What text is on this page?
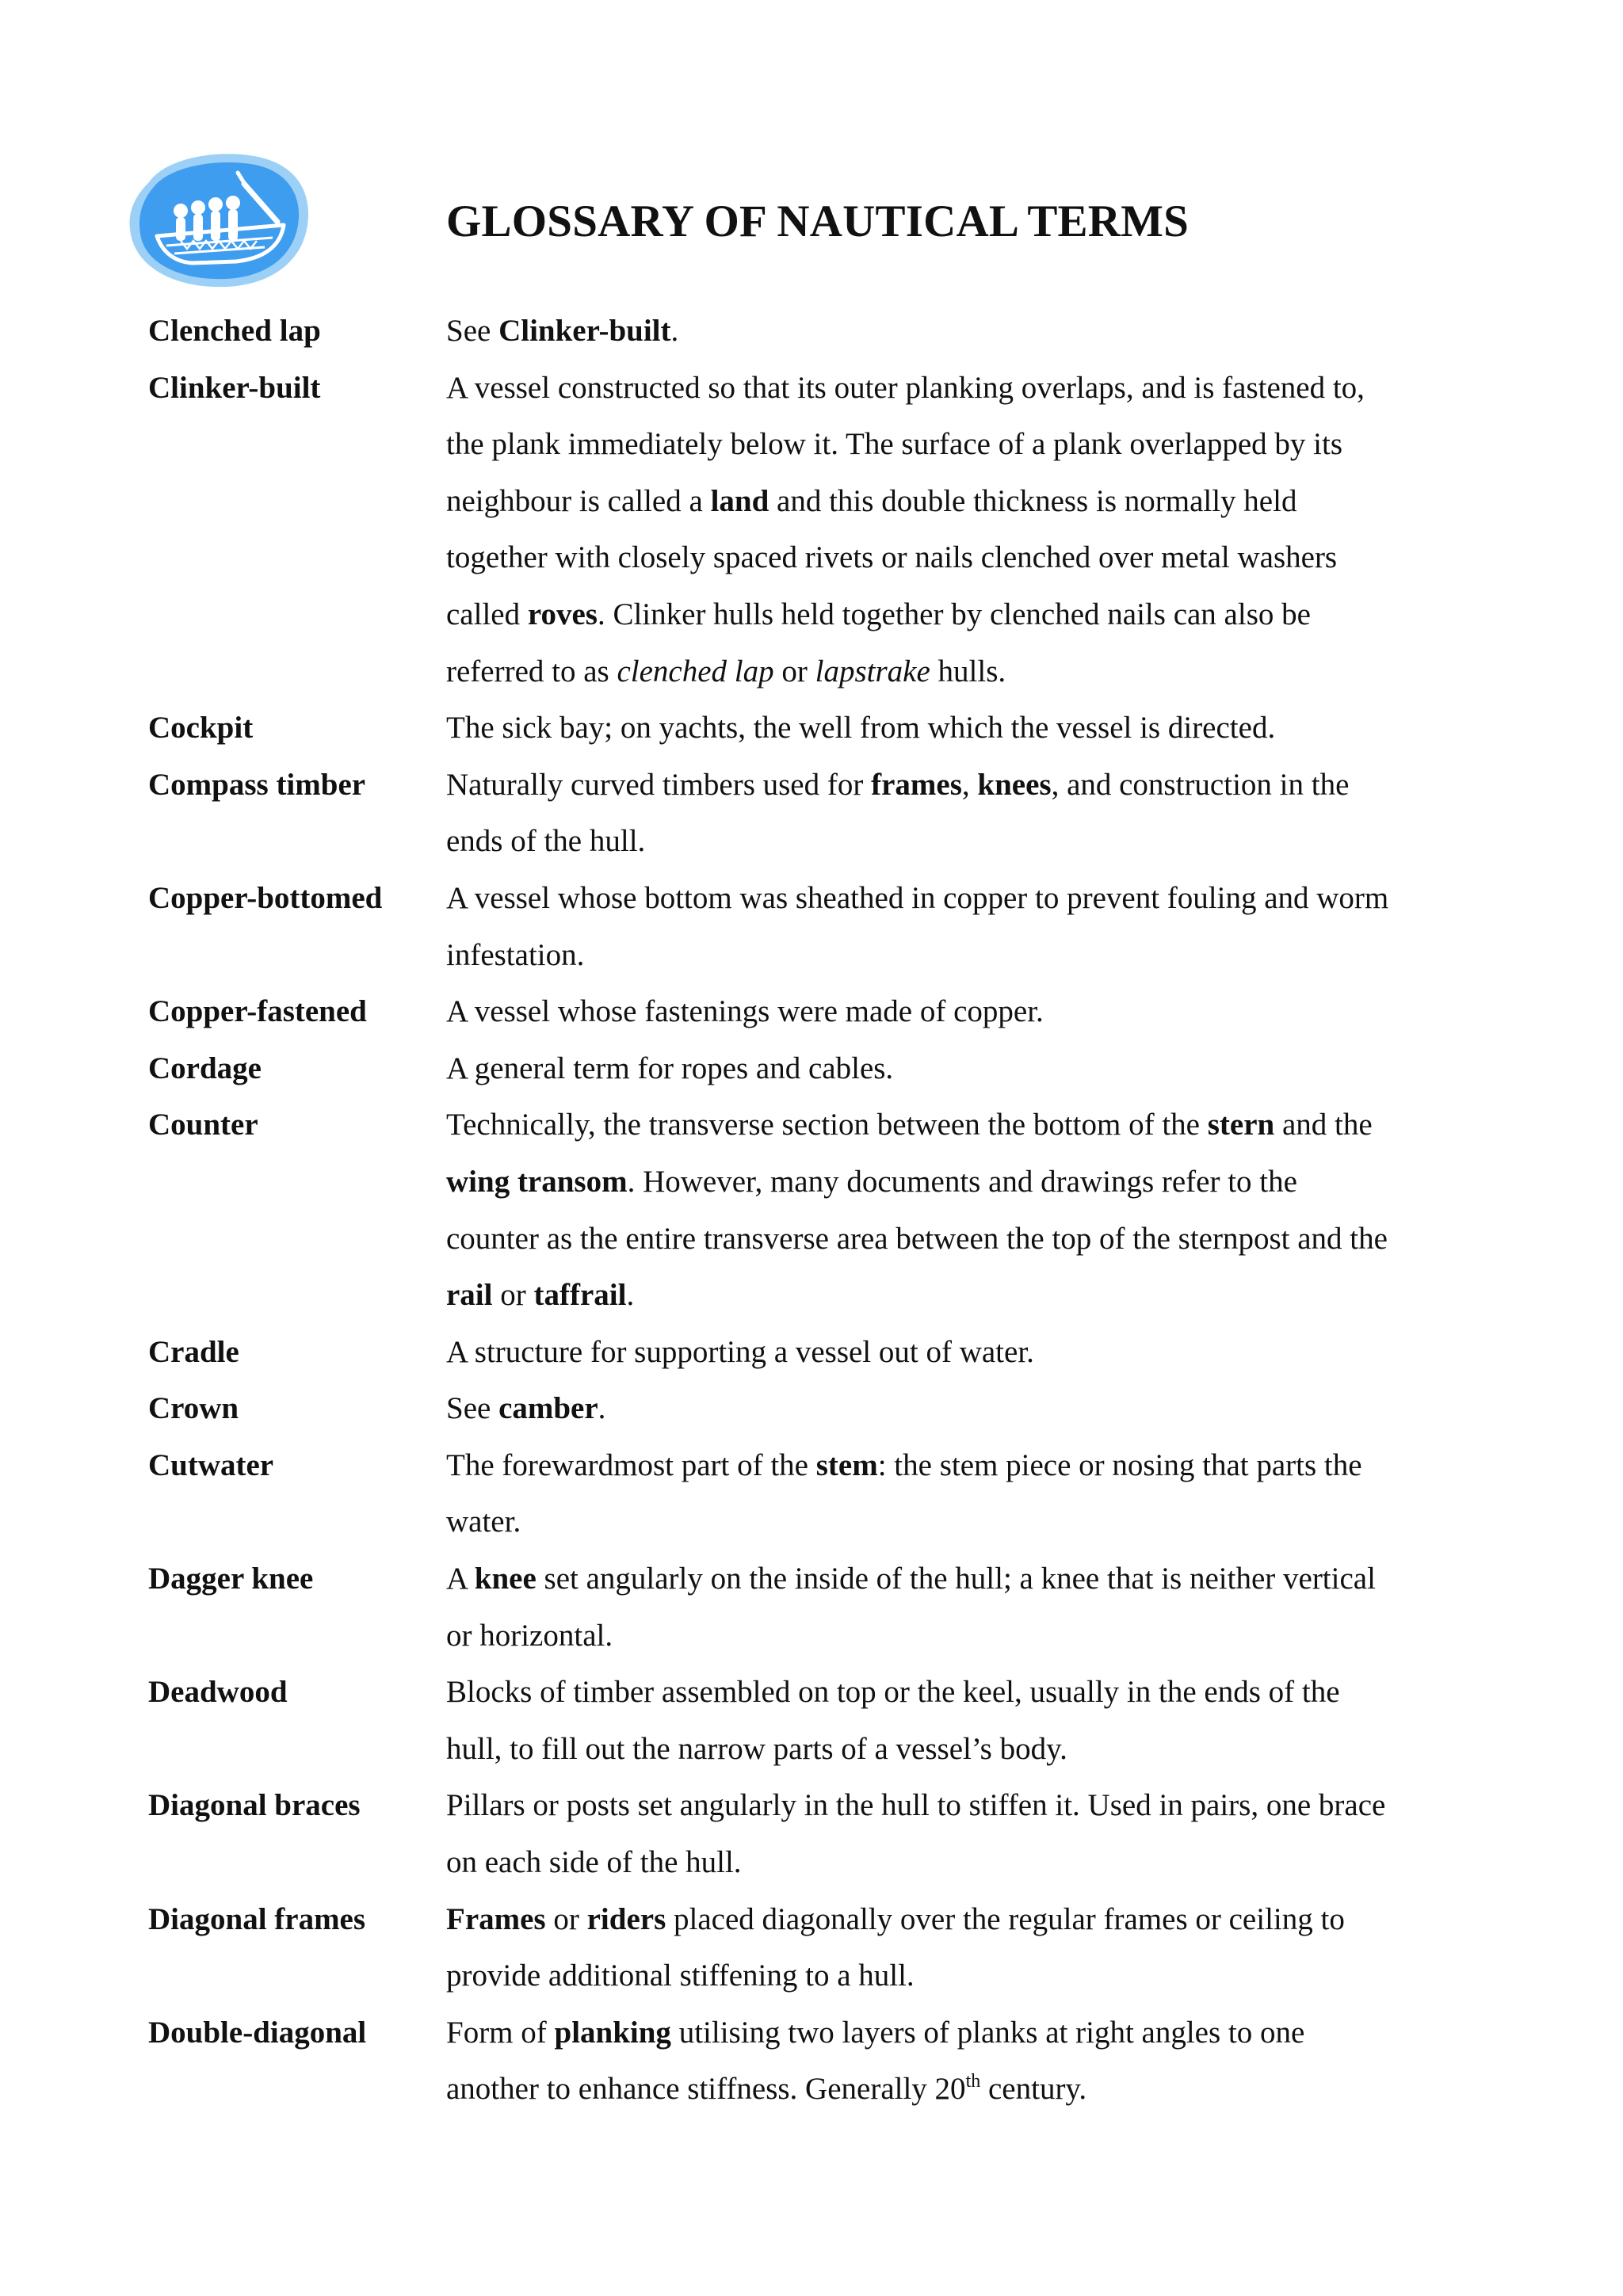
GLOSSARY OF NAUTICAL TERMS
Clenched lap	See Clinker-built.
Clinker-built	A vessel constructed so that its outer planking overlaps, and is fastened to, the plank immediately below it. The surface of a plank overlapped by its neighbour is called a land and this double thickness is normally held together with closely spaced rivets or nails clenched over metal washers called roves. Clinker hulls held together by clenched nails can also be referred to as clenched lap or lapstrake hulls.
Cockpit	The sick bay; on yachts, the well from which the vessel is directed.
Compass timber	Naturally curved timbers used for frames, knees, and construction in the ends of the hull.
Copper-bottomed	A vessel whose bottom was sheathed in copper to prevent fouling and worm infestation.
Copper-fastened	A vessel whose fastenings were made of copper.
Cordage	A general term for ropes and cables.
Counter	Technically, the transverse section between the bottom of the stern and the wing transom. However, many documents and drawings refer to the counter as the entire transverse area between the top of the sternpost and the rail or taffrail.
Cradle	A structure for supporting a vessel out of water.
Crown	See camber.
Cutwater	The forewardmost part of the stem: the stem piece or nosing that parts the water.
Dagger knee	A knee set angularly on the inside of the hull; a knee that is neither vertical or horizontal.
Deadwood	Blocks of timber assembled on top or the keel, usually in the ends of the hull, to fill out the narrow parts of a vessel’s body.
Diagonal braces	Pillars or posts set angularly in the hull to stiffen it. Used in pairs, one brace on each side of the hull.
Diagonal frames	Frames or riders placed diagonally over the regular frames or ceiling to provide additional stiffening to a hull.
Double-diagonal	Form of planking utilising two layers of planks at right angles to one another to enhance stiffness. Generally 20th century.
